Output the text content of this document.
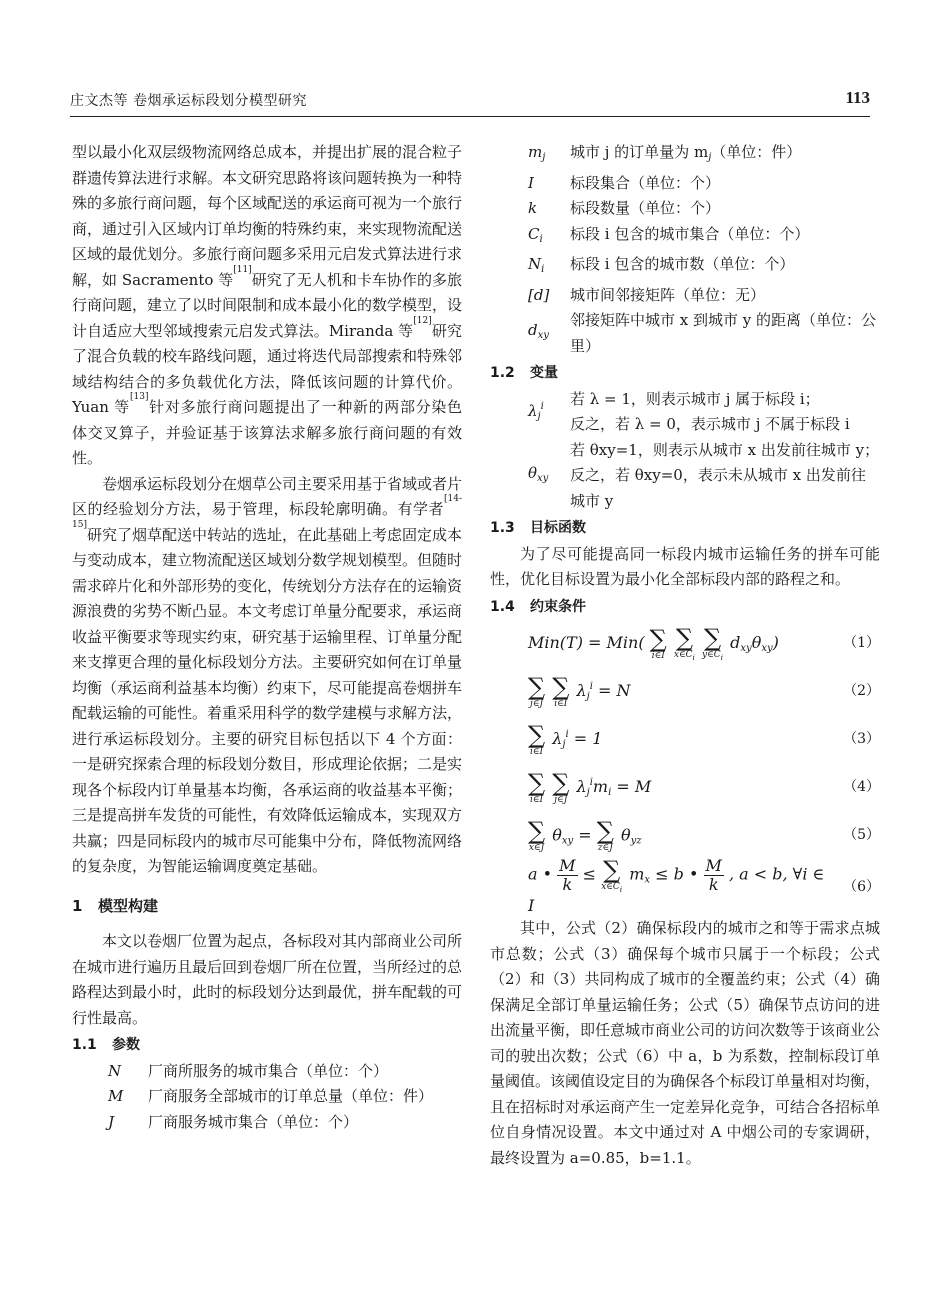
庄文杰等 卷烟承运标段划分模型研究	113

型以最小化双层级物流网络总成本，并提出扩展的混合粒子群遗传算法进行求解。本文研究思路将该问题转换为一种特殊的多旅行商问题，每个区域配送的承运商可视为一个旅行商，通过引入区域内订单均衡的特殊约束，来实现物流配送区域的最优划分。多旅行商问题多采用元启发式算法进行求解，如 Sacramento 等[11]研究了无人机和卡车协作的多旅行商问题，建立了以时间限制和成本最小化的数学模型，设计自适应大型邻域搜索元启发式算法。Miranda 等[12]研究了混合负载的校车路线问题，通过将迭代局部搜索和特殊邻域结构结合的多负载优化方法，降低该问题的计算代价。Yuan 等[13]针对多旅行商问题提出了一种新的两部分染色体交叉算子，并验证基于该算法求解多旅行商问题的有效性。

卷烟承运标段划分在烟草公司主要采用基于省域或者片区的经验划分方法，易于管理，标段轮廓明确。有学者[14-15]研究了烟草配送中转站的选址，在此基础上考虑固定成本与变动成本，建立物流配送区域划分数学规划模型。但随时需求碎片化和外部形势的变化，传统划分方法存在的运输资源浪费的劣势不断凸显。本文考虑订单量分配要求，承运商收益平衡要求等现实约束，研究基于运输里程、订单量分配来支撑更合理的量化标段划分方法。主要研究如何在订单量均衡（承运商利益基本均衡）约束下，尽可能提高卷烟拼车配载运输的可能性。着重采用科学的数学建模与求解方法，进行承运标段划分。主要的研究目标包括以下 4 个方面：一是研究探索合理的标段划分数目，形成理论依据；二是实现各个标段内订单量基本均衡，各承运商的收益基本平衡；三是提高拼车发货的可能性，有效降低运输成本，实现双方共赢；四是同标段内的城市尽可能集中分布，降低物流网络的复杂度，为智能运输调度奠定基础。

1 模型构建

本文以卷烟厂位置为起点，各标段对其内部商业公司所在城市进行遍历且最后回到卷烟厂所在位置，当所经过的总路程达到最小时，此时的标段划分达到最优，拼车配载的可行性最高。

1.1 参数
N	厂商所服务的城市集合（单位：个）
M	厂商服务全部城市的订单总量（单位：件）
J	厂商服务城市集合（单位：个）
$m_j$	城市 j 的订单量为 $m_j$（单位：件）
I	标段集合（单位：个）
k	标段数量（单位：个）
$C_i$	标段 i 包含的城市集合（单位：个）
$N_i$	标段 i 包含的城市数（单位：个）
[d]	城市间邻接矩阵（单位：无）
$d_{xy}$
邻接矩阵中城市 x 到城市 y 的距离（单位：公里）
1.2 变量
$\lambda_j^i$	若 λ = 1，则表示城市 j 属于标段 i；
反之，若 λ = 0，表示城市 j 不属于标段 i
$\theta_{xy}$
若 θxy=1，则表示从城市 x 出发前往城市 y；
反之，若 θxy=0，表示未从城市 x 出发前往城市 y
1.3 目标函数

为了尽可能提高同一标段内城市运输任务的拼车可能性，优化目标设置为最小化全部标段内部的路程之和。

1.4 约束条件
Min(T) = Min( ∑
i∈I

∑
$x\in C_i$

∑
$y\in C_i$
$d_{xy}\theta_{xy}$)	（1）
∑
j∈J

∑
i∈I
$\lambda_j^i = N$	（2）
∑
i∈I
$\lambda_j^i = 1$	（3）
∑
i∈I

∑
j∈J
$\lambda_j^im_i = M$	（4）
∑
x∈J
$\theta_{xy}$ = ∑
z∈J
$\theta_{yz}$	（5）
a • $\frac{M}{k}$ ≤ ∑
$x\in C_i$
$m_x \le b$ • $\frac{M}{k}$ , a < b, ∀i ∈ I
（6）

其中，公式（2）确保标段内的城市之和等于需求点城市总数；公式（3）确保每个城市只属于一个标段；公式（2）和（3）共同构成了城市的全覆盖约束；公式（4）确保满足全部订单量运输任务；公式（5）确保节点访问的进出流量平衡，即任意城市商业公司的访问次数等于该商业公司的驶出次数；公式（6）中 a，b 为系数，控制标段订单量阈值。该阈值设定目的为确保各个标段订单量相对均衡，且在招标时对承运商产生一定差异化竞争，可结合各招标单位自身情况设置。本文中通过对 A 中烟公司的专家调研，最终设置为 a=0.85，b=1.1。
